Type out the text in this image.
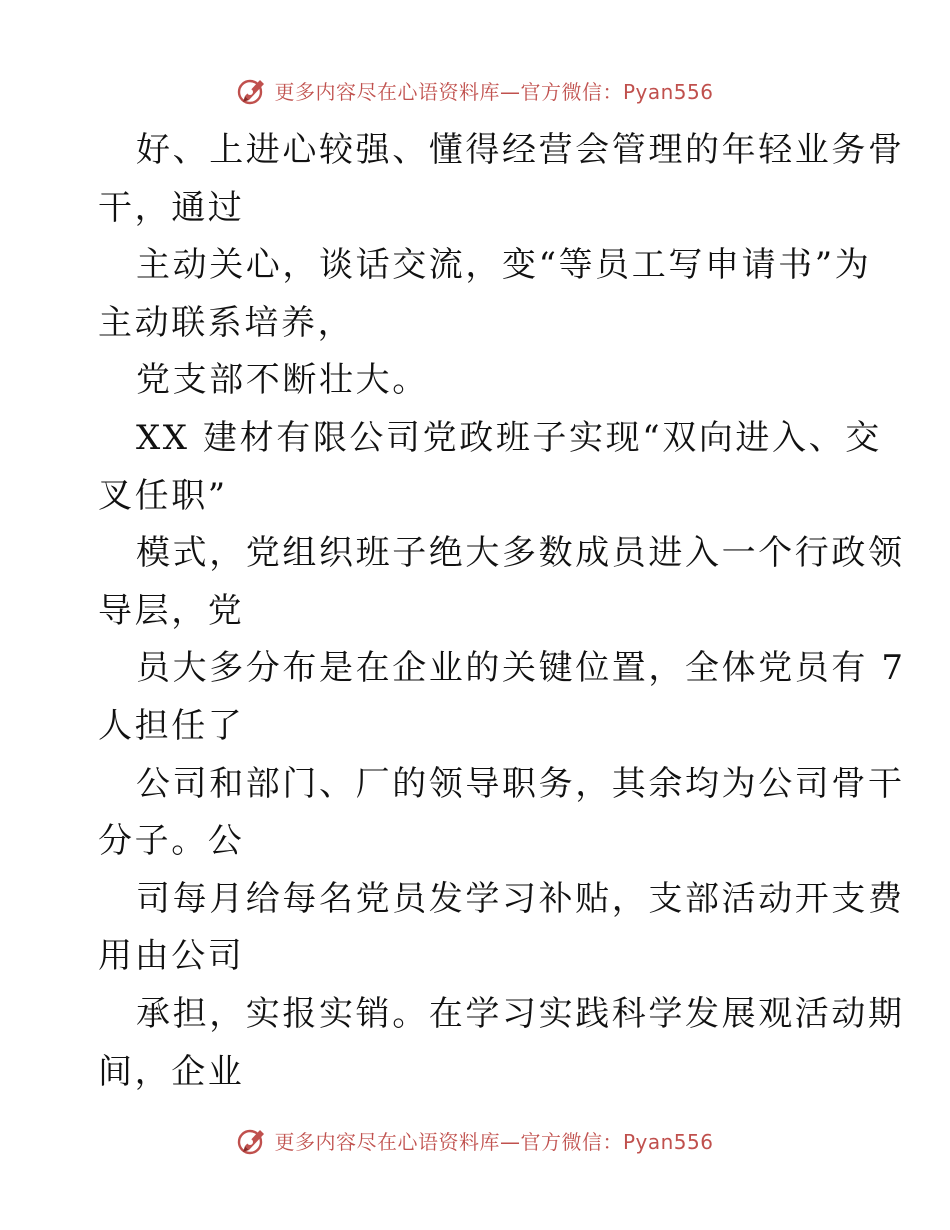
更多内容尽在心语资料库—官方微信：Pyan556
好、上进心较强、懂得经营会管理的年轻业务骨
干，通过
主动关心，谈话交流，变“等员工写申请书”为
主动联系培养，
党支部不断壮大。
XX 建材有限公司党政班子实现“双向进入、交
叉任职”
模式，党组织班子绝大多数成员进入一个行政领
导层，党
员大多分布是在企业的关键位置，全体党员有 7
人担任了
公司和部门、厂的领导职务，其余均为公司骨干
分子。公
司每月给每名党员发学习补贴，支部活动开支费
用由公司
承担，实报实销。在学习实践科学发展观活动期
间，企业
更多内容尽在心语资料库—官方微信：Pyan556
